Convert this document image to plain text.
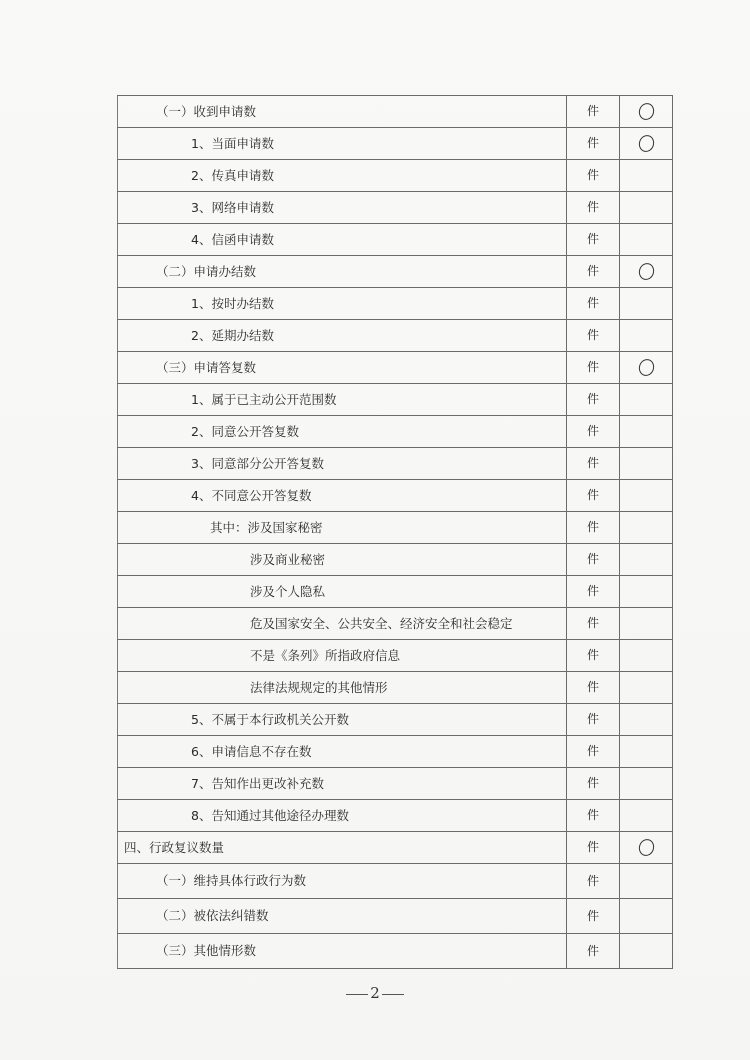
（一）收到申请数	件	
1、当面申请数	件	
2、传真申请数	件	
3、网络申请数	件	
4、信函申请数	件	
（二）申请办结数	件	
1、按时办结数	件	
2、延期办结数	件	
（三）申请答复数	件	
1、属于已主动公开范围数	件	
2、同意公开答复数	件	
3、同意部分公开答复数	件	
4、不同意公开答复数	件	
其中：涉及国家秘密	件	
涉及商业秘密	件	
涉及个人隐私	件	
危及国家安全、公共安全、经济安全和社会稳定	件	
不是《条列》所指政府信息	件	
法律法规规定的其他情形	件	
5、不属于本行政机关公开数	件	
6、申请信息不存在数	件	
7、告知作出更改补充数	件	
8、告知通过其他途径办理数	件	
四、行政复议数量	件	
（一）维持具体行政行为数	件	
（二）被依法纠错数	件	
（三）其他情形数	件	
2
